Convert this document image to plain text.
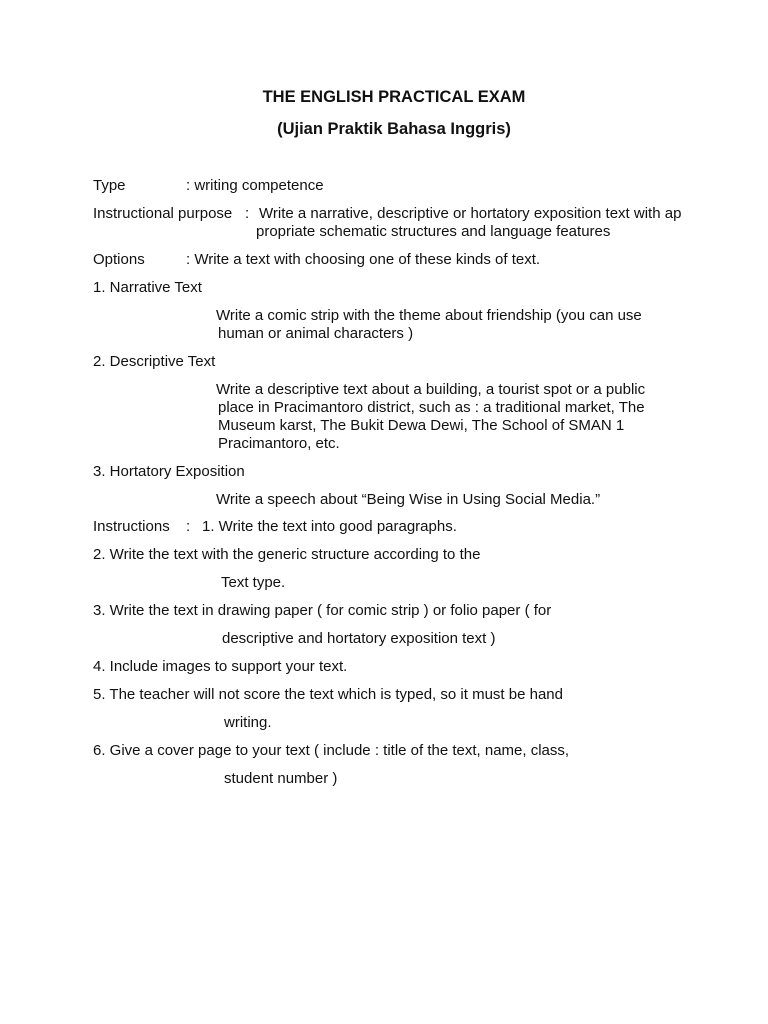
THE ENGLISH PRACTICAL EXAM
(Ujian Praktik Bahasa Inggris)
Type	: writing competence
Instructional purpose : Write a narrative, descriptive or hortatory exposition text with ap
propriate schematic structures and language features
Options	: Write a text with choosing one of these kinds of text.
1. Narrative Text
Write a comic strip with the theme about friendship (you can use
human or animal characters )
2. Descriptive Text
Write a descriptive text about a building, a tourist spot or a public
place in Pracimantoro district, such as : a traditional market, The
Museum karst, The Bukit Dewa Dewi, The School of SMAN 1
Pracimantoro, etc.
3. Hortatory Exposition
Write a speech about “Being Wise in Using Social Media.”
Instructions : 1. Write the text into good paragraphs.
2. Write the text with the generic structure according to the
Text type.
3. Write the text in drawing paper ( for comic strip ) or folio paper ( for
descriptive and hortatory exposition text )
4. Include images to support your text.
5. The teacher will not score the text which is typed, so it must be hand
writing.
6. Give a cover page to your text ( include : title of the text, name, class,
student number )
